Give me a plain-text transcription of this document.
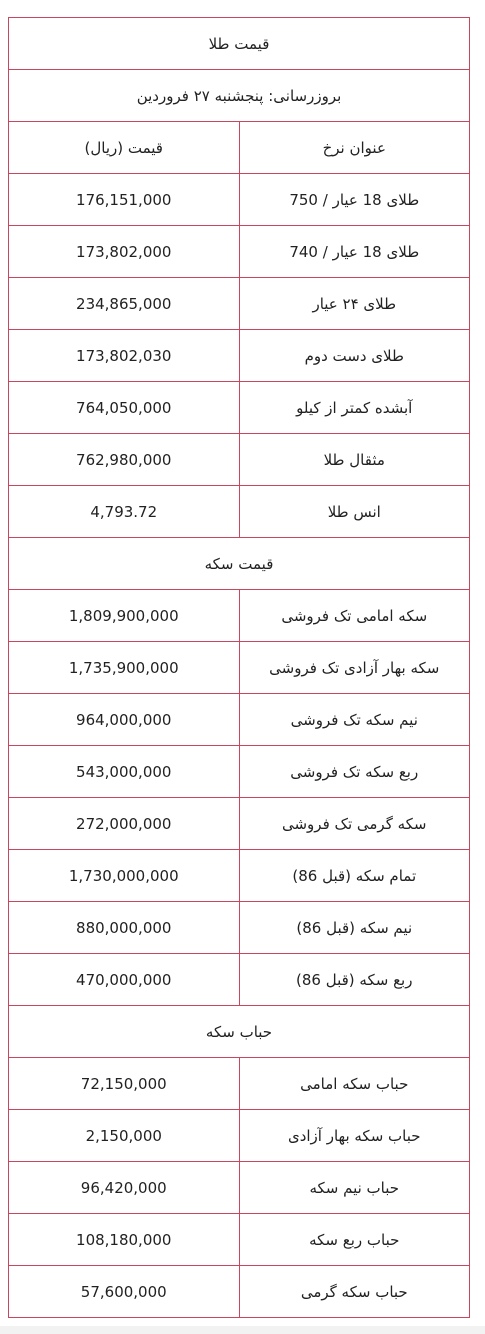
قیمت طلا	
بروزرسانی: پنجشنبه ۲۷ فروردین	
عنوان نرخ	قیمت (ریال)
طلای 18 عیار / 750	176,151,000
طلای 18 عیار / 740	173,802,000
طلای ۲۴ عیار	234,865,000
طلای دست دوم	173,802,030
آبشده کمتر از کیلو	764,050,000
مثقال طلا	762,980,000
انس طلا	4,793.72
قیمت سکه	
سکه امامی تک فروشی	1,809,900,000
سکه بهار آزادی تک فروشی	1,735,900,000
نیم سکه تک فروشی	964,000,000
ربع سکه تک فروشی	543,000,000
سکه گرمی تک فروشی	272,000,000
تمام سکه (قبل 86)	1,730,000,000
نیم سکه (قبل 86)	880,000,000
ربع سکه (قبل 86)	470,000,000
حباب سکه	
حباب سکه امامی	72,150,000
حباب سکه بهار آزادی	2,150,000
حباب نیم سکه	96,420,000
حباب ربع سکه	108,180,000
حباب سکه گرمی	57,600,000
